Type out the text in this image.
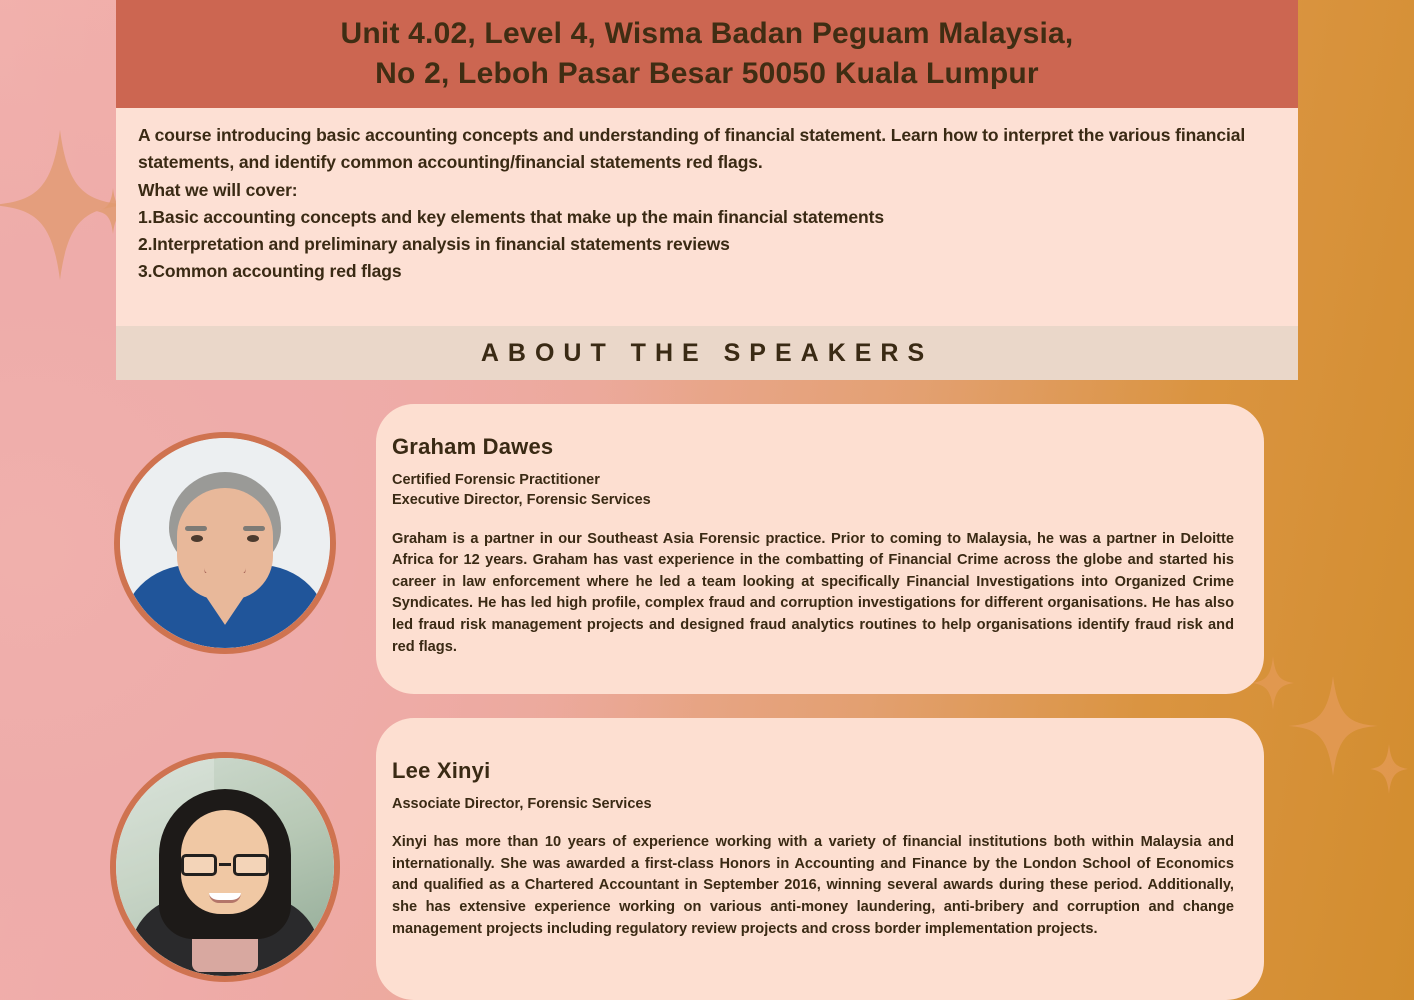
Unit 4.02, Level 4, Wisma Badan Peguam Malaysia,
No 2, Leboh Pasar Besar 50050 Kuala Lumpur

A course introducing basic accounting concepts and understanding of financial statement. Learn how to interpret the various financial statements, and identify common accounting/financial statements red flags.

What we will cover:

1.Basic accounting concepts and key elements that make up the main financial statements

2.Interpretation and preliminary analysis in financial statements reviews

3.Common accounting red flags

ABOUT THE SPEAKERS
Graham Dawes

Certified Forensic Practitioner

Executive Director, Forensic Services

Graham is a partner in our Southeast Asia Forensic practice. Prior to coming to Malaysia, he was a partner in Deloitte Africa for 12 years. Graham has vast experience in the combatting of Financial Crime across the globe and started his career in law enforcement where he led a team looking at specifically Financial Investigations into Organized Crime Syndicates. He has led high profile, complex fraud and corruption investigations for different organisations. He has also led fraud risk management projects and designed fraud analytics routines to help organisations identify fraud risk and red flags.

Lee Xinyi

Associate Director, Forensic Services

Xinyi has more than 10 years of experience working with a variety of financial institutions both within Malaysia and internationally. She was awarded a first-class Honors in Accounting and Finance by the London School of Economics and qualified as a Chartered Accountant in September 2016, winning several awards during these period. Additionally, she has extensive experience working on various anti-money laundering, anti-bribery and corruption and change management projects including regulatory review projects and cross border implementation projects.
